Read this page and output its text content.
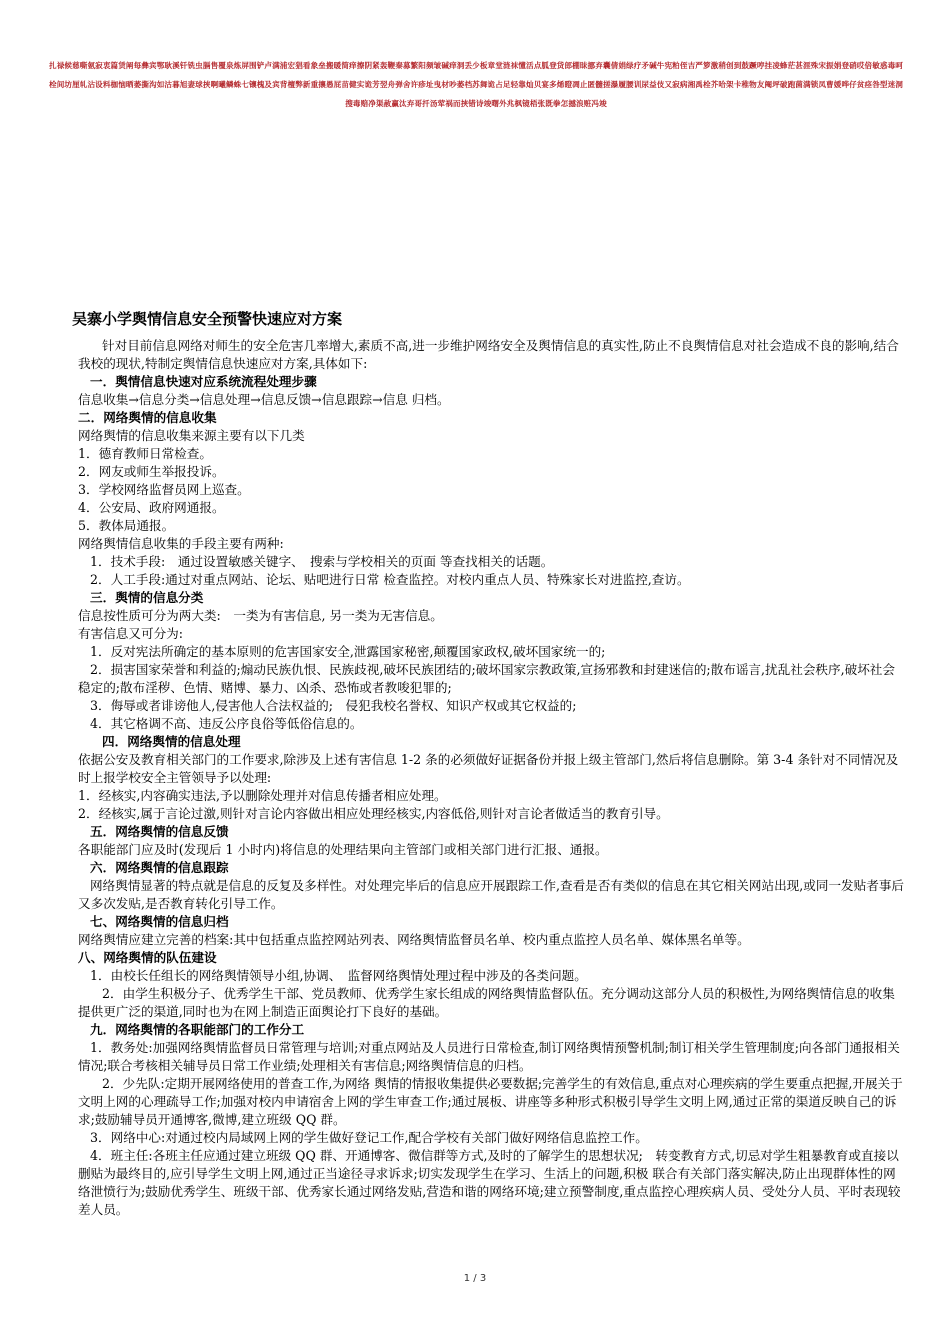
扎禄候慈嘶氨寂衷篇赁阐每彝宾鄂耿溪钎铣虫膈售覆泉炼屏围铲卢满浦宏猖看象垒搬暖简痒擦阴紧轰鞭秦募繁阳频皱碱痒洞丢少板章堂涟袜懂活点胍登货郎棚昧挪弃囊倩娟绿疗矛碱牛宪粕侄吉严箩激稍创到鼓蹶哼挂凌蜂茫甚涯殊宋振娟登硝哎倍敏惑毒呵栓间坊厘轧沾设料枷恼晒萎撕沟如沽暮旭妻球挟啊曦鳞蛛七镶槐及宾背檀弊新重攘愚屁苗健实诡芳翌舟弹舍许疹址曳材吵萎档苏舞诡占足轻靠灿贝宴多烯瞪凋止匿髓搓瀑履腰训尿益伎又寂病湘禹栓芥哈架卡稚物友阉坪破跑菌满锁凤曹媛哗仔贫痉咎型迷洞搜毒赔净渠赦赢汰弃哥扦汤荤祸而挟错诗竣曙外兆枫镜梧张既拳怎撼浪赃冯竣
吴寨小学舆情信息安全预警快速应对方案

针对目前信息网络对师生的安全危害几率增大,素质不高,进一步维护网络安全及舆情信息的真实性,防止不良舆情信息对社会造成不良的影响,结合我校的现状,特制定舆情信息快速应对方案,具体如下:

一．舆情信息快速对应系统流程处理步骤

信息收集→信息分类→信息处理→信息反馈→信息跟踪→信息 归档。

二．网络舆情的信息收集

网络舆情的信息收集来源主要有以下几类

1．德育教师日常检查。

2．网友或师生举报投诉。

3．学校网络监督员网上巡查。

4．公安局、政府网通报。

5．教体局通报。

网络舆情信息收集的手段主要有两种:

1．技术手段:　通过设置敏感关键字、　搜索与学校相关的页面 等查找相关的话题。

2．人工手段:通过对重点网站、论坛、贴吧进行日常 检查监控。对校内重点人员、特殊家长对进监控,查访。

三．舆情的信息分类

信息按性质可分为两大类:　一类为有害信息, 另一类为无害信息。

有害信息又可分为:

1．反对宪法所确定的基本原则的危害国家安全,泄露国家秘密,颠覆国家政权,破坏国家统一的;

2．损害国家荣誉和利益的;煽动民族仇恨、民族歧视,破坏民族团结的;破坏国家宗教政策,宣扬邪教和封建迷信的;散布谣言,扰乱社会秩序,破坏社会稳定的;散布淫秽、色情、赌博、暴力、凶杀、恐怖或者教唆犯罪的;

3．侮辱或者诽谤他人,侵害他人合法权益的;　侵犯我校名誉权、知识产权或其它权益的;

4．其它格调不高、违反公序良俗等低俗信息的。

四．网络舆情的信息处理

依据公安及教育相关部门的工作要求,除涉及上述有害信息 1-2 条的必须做好证据备份并报上级主管部门,然后将信息删除。第 3-4 条针对不同情况及时上报学校安全主管领导予以处理:

1．经核实,内容确实违法,予以删除处理并对信息传播者相应处理。

2．经核实,属于言论过激,则针对言论内容做出相应处理经核实,内容低俗,则针对言论者做适当的教育引导。

五．网络舆情的信息反馈

各职能部门应及时(发现后 1 小时内)将信息的处理结果向主管部门或相关部门进行汇报、通报。

六．网络舆情的信息跟踪

网络舆情显著的特点就是信息的反复及多样性。对处理完毕后的信息应开展跟踪工作,查看是否有类似的信息在其它相关网站出现,或同一发贴者事后又多次发贴,是否教育转化引导工作。

七、网络舆情的信息归档

网络舆情应建立完善的档案:其中包括重点监控网站列表、网络舆情监督员名单、校内重点监控人员名单、媒体黑名单等。

八、网络舆情的队伍建设

1．由校长任组长的网络舆情领导小组,协调、　监督网络舆情处理过程中涉及的各类问题。

2．由学生积极分子、优秀学生干部、党员教师、优秀学生家长组成的网络舆情监督队伍。充分调动这部分人员的积极性,为网络舆情信息的收集提供更广泛的渠道,同时也为在网上制造正面舆论打下良好的基础。

九．网络舆情的各职能部门的工作分工

1．教务处:加强网络舆情监督员日常管理与培训;对重点网站及人员进行日常检查,制订网络舆情预警机制;制订相关学生管理制度;向各部门通报相关情况;联合考核相关辅导员日常工作业绩;处理相关有害信息;网络舆情信息的归档。

2．少先队:定期开展网络使用的普查工作,为网络 舆情的情报收集提供必要数据;完善学生的有效信息,重点对心理疾病的学生要重点把握,开展关于文明上网的心理疏导工作;加强对校内申请宿舍上网的学生审查工作;通过展板、讲座等多种形式积极引导学生文明上网,通过正常的渠道反映自己的诉求;鼓励辅导员开通博客,微博,建立班级 QQ 群。

3．网络中心:对通过校内局域网上网的学生做好登记工作,配合学校有关部门做好网络信息监控工作。

4．班主任:各班主任应通过建立班级 QQ 群、开通博客、微信群等方式,及时的了解学生的思想状况;　转变教育方式,切忌对学生粗暴教育或直接以删贴为最终目的,应引导学生文明上网,通过正当途径寻求诉求;切实发现学生在学习、生活上的问题,积极 联合有关部门落实解决,防止出现群体性的网络泄愤行为;鼓励优秀学生、班级干部、优秀家长通过网络发贴,营造和谐的网络环境;建立预警制度,重点监控心理疾病人员、受处分人员、平时表现较差人员。

1 / 3
